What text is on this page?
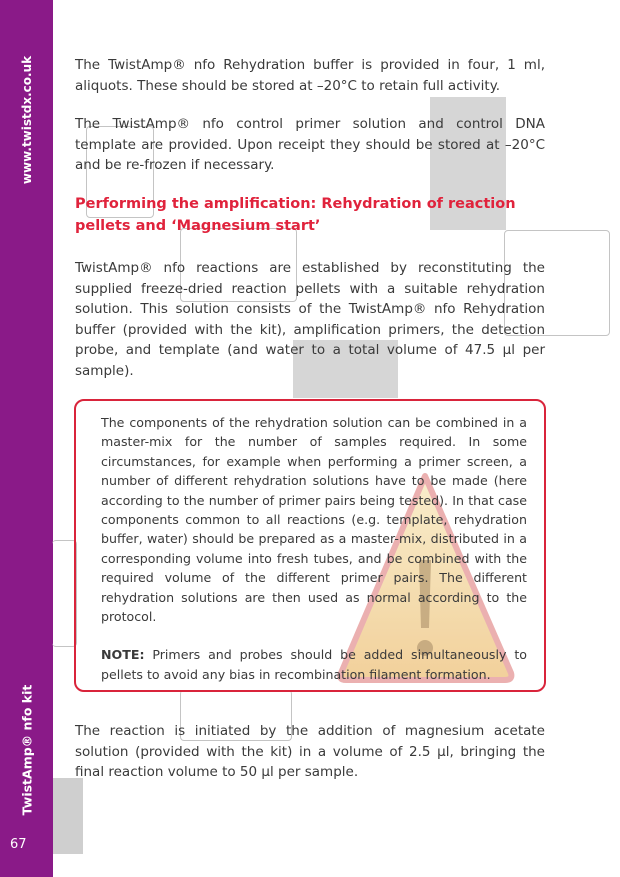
www.twistdx.co.uk
TwistAmp® nfo kit
67

The TwistAmp® nfo Rehydration buffer is provided in four, 1 ml, aliquots. These should be stored at –20°C to retain full activity.

The TwistAmp® nfo control primer solution and control DNA template are provided. Upon receipt they should be stored at –20°C and be re-frozen if necessary.

Performing the amplification: Rehydration of reaction pellets and ‘Magnesium start’

TwistAmp® nfo reactions are established by reconstituting the supplied freeze-dried reaction pellets with a suitable rehydration solution. This solution consists of the TwistAmp® nfo Rehydration buffer (provided with the kit), amplification primers, the detection probe, and template (and water to a total volume of 47.5 µl per sample).

The components of the rehydration solution can be combined in a master-mix for the number of samples required. In some circumstances, for example when performing a primer screen, a number of different rehydration solutions have to be made (here according to the number of primer pairs being tested). In that case components common to all reactions (e.g. template, rehydration buffer, water) should be prepared as a master-mix, distributed in a corresponding volume into fresh tubes, and be combined with the required volume of the different primer pairs. The different rehydration solutions are then used as normal according to the protocol.

NOTE: Primers and probes should be added simultaneously to pellets to avoid any bias in recombination filament formation.

The reaction is initiated by the addition of magnesium acetate solution (provided with the kit) in a volume of 2.5 µl, bringing the final reaction volume to 50 µl per sample.
